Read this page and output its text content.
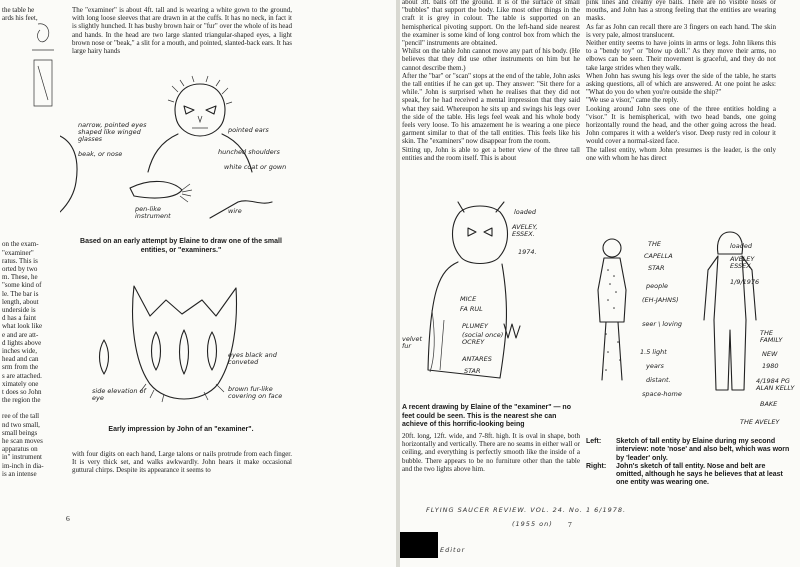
the table he
ards his feet,
on the exam-
"examiner"
ratus. This is
orted by two
m. These, he
"some kind of
le. The bar is
length, about
underside is
d has a faint
what look like
e and are att-
d lights above
inches wide,
head and can
srm from the
s are attached.
ximately one
t does so John
the region the
ree of the tall
nd two small,
small beings
he scan moves
apparatus on
in" instrument
im-inch in dia-
is an intense

The "examiner" is about 4ft. tall and is wearing a white gown to the ground, with long loose sleeves that are drawn in at the cuffs. It has no neck, in fact it is slightly hunched. It has bushy brown hair or "fur" over the whole of its head and hands. In the head are two large slanted triangular-shaped eyes, a light brown nose or "beak," a slit for a mouth, and pointed, slanted-back ears. It has large hairy hands

narrow, pointed eyes shaped like winged glasses
beak, or nose
pointed ears
hunched shoulders
white coat or gown
pen-like instrument
wire
Based on an early attempt by Elaine to draw one of the small entities, or "examiners."
eyes black and conveted
side elevation of eye
brown fur-like covering on face
Early impression by John of an "examiner".

with four digits on each hand, Large talons or nails protrude from each finger. It is very thick set, and walks awkwardly. John hears it make occasional guttural chirps. Despite its appearance it seems to

6

about 3ft. balls off the ground. It is of the surface of small "bubbles" that support the body. Like most other things in the craft it is grey in colour. The table is supported on an hemispherical pivoting support. On the left-hand side nearest the examiner is some kind of long control box from which the "pencil" instruments are obtained.
Whilst on the table John cannot move any part of his body. (He believes that they did use other instruments on him but he cannot describe them.)
After the "bar" or "scan" stops at the end of the table, John asks the tall entities if he can get up. They answer: "Sit there for a while." John is surprised when he realises that they did not speak, for he had received a mental impression that they said what they said. Whereupon he sits up and swings his legs over the side of the table. His legs feel weak and his whole body feels very loose. To his amazement he is wearing a one piece garment similar to that of the tall entities. This feels like his skin. The "examiners" now disappear from the room.
Sitting up, John is able to get a better view of the three tall entities and the room itself. This is about

pink lines and creamy eye balls. There are no visible noses or mouths, and John has a strong feeling that the entities are wearing masks.
As far as John can recall there are 3 fingers on each hand. The skin is very pale, almost translucent.
Neither entity seems to have joints in arms or legs. John likens this to a "bendy toy" or "blow up doll." As they move their arms, no elbows can be seen. Their movement is graceful, and they do not take large strides when they walk.
When John has swung his legs over the side of the table, he starts asking questions, all of which are answered. At one point he asks: "What do you do when you're outside the ship?"
"We use a visor," came the reply.
Looking around John sees one of the three entities holding a "visor." It is hemispherical, with two head bands, one going horizontally round the head, and the other going across the head. John compares it with a welder's visor. Deep rusty red in colour it would cover a normal-sized face.
The tallest entity, whom John presumes is the leader, is the only one with whom he has direct

loaded
AVELEY, ESSEX.
1974.
MICE
FA RUL
PLUMEY
(social once) OCREY
ANTARES
STAR
velvet fur
A recent drawing by Elaine of the "examiner" — no feet could be seen. This is the nearest she can achieve of this horrific-looking being

20ft. long, 12ft. wide, and 7-8ft. high. It is oval in shape, both horizontally and vertically. There are no seams in either wall or ceiling, and everything is perfectly smooth like the inside of a bubble. There appears to be no furniture other than the table and the two lights above him.

THE
CAPELLA
STAR
people
(EH-JAHNS)
seer \ loving
1.5 light
years
distant.
space-home
loaded
AVELEY ESSEX
1/9/1976
THE FAMILY
NEW
1980
4/1984 PG ALAN KELLY
BAKE
THE AVELEY
Left:	Sketch of tall entity by Elaine during my second interview: note 'nose' and also belt, which was worn by 'leader' only.
Right:	John's sketch of tall entity. Nose and belt are omitted, although he says he believes that at least one entity was wearing one.
FLYING SAUCER REVIEW. VOL. 24. No. 1 6/1978.
(1955 on) 7
Editor
